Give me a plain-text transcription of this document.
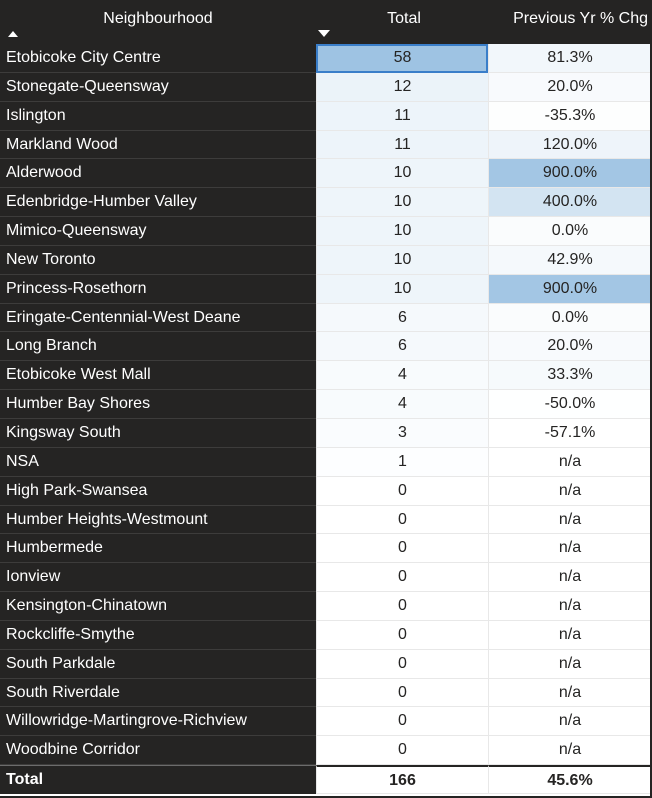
Neighbourhood	Total	Previous Yr % Chg
Etobicoke City Centre	58	81.3%
Stonegate-Queensway	12	20.0%
Islington	11	-35.3%
Markland Wood	11	120.0%
Alderwood	10	900.0%
Edenbridge-Humber Valley	10	400.0%
Mimico-Queensway	10	0.0%
New Toronto	10	42.9%
Princess-Rosethorn	10	900.0%
Eringate-Centennial-West Deane	6	0.0%
Long Branch	6	20.0%
Etobicoke West Mall	4	33.3%
Humber Bay Shores	4	-50.0%
Kingsway South	3	-57.1%
NSA	1	n/a
High Park-Swansea	0	n/a
Humber Heights-Westmount	0	n/a
Humbermede	0	n/a
Ionview	0	n/a
Kensington-Chinatown	0	n/a
Rockcliffe-Smythe	0	n/a
South Parkdale	0	n/a
South Riverdale	0	n/a
Willowridge-Martingrove-Richview	0	n/a
Woodbine Corridor	0	n/a
Total	166	45.6%
